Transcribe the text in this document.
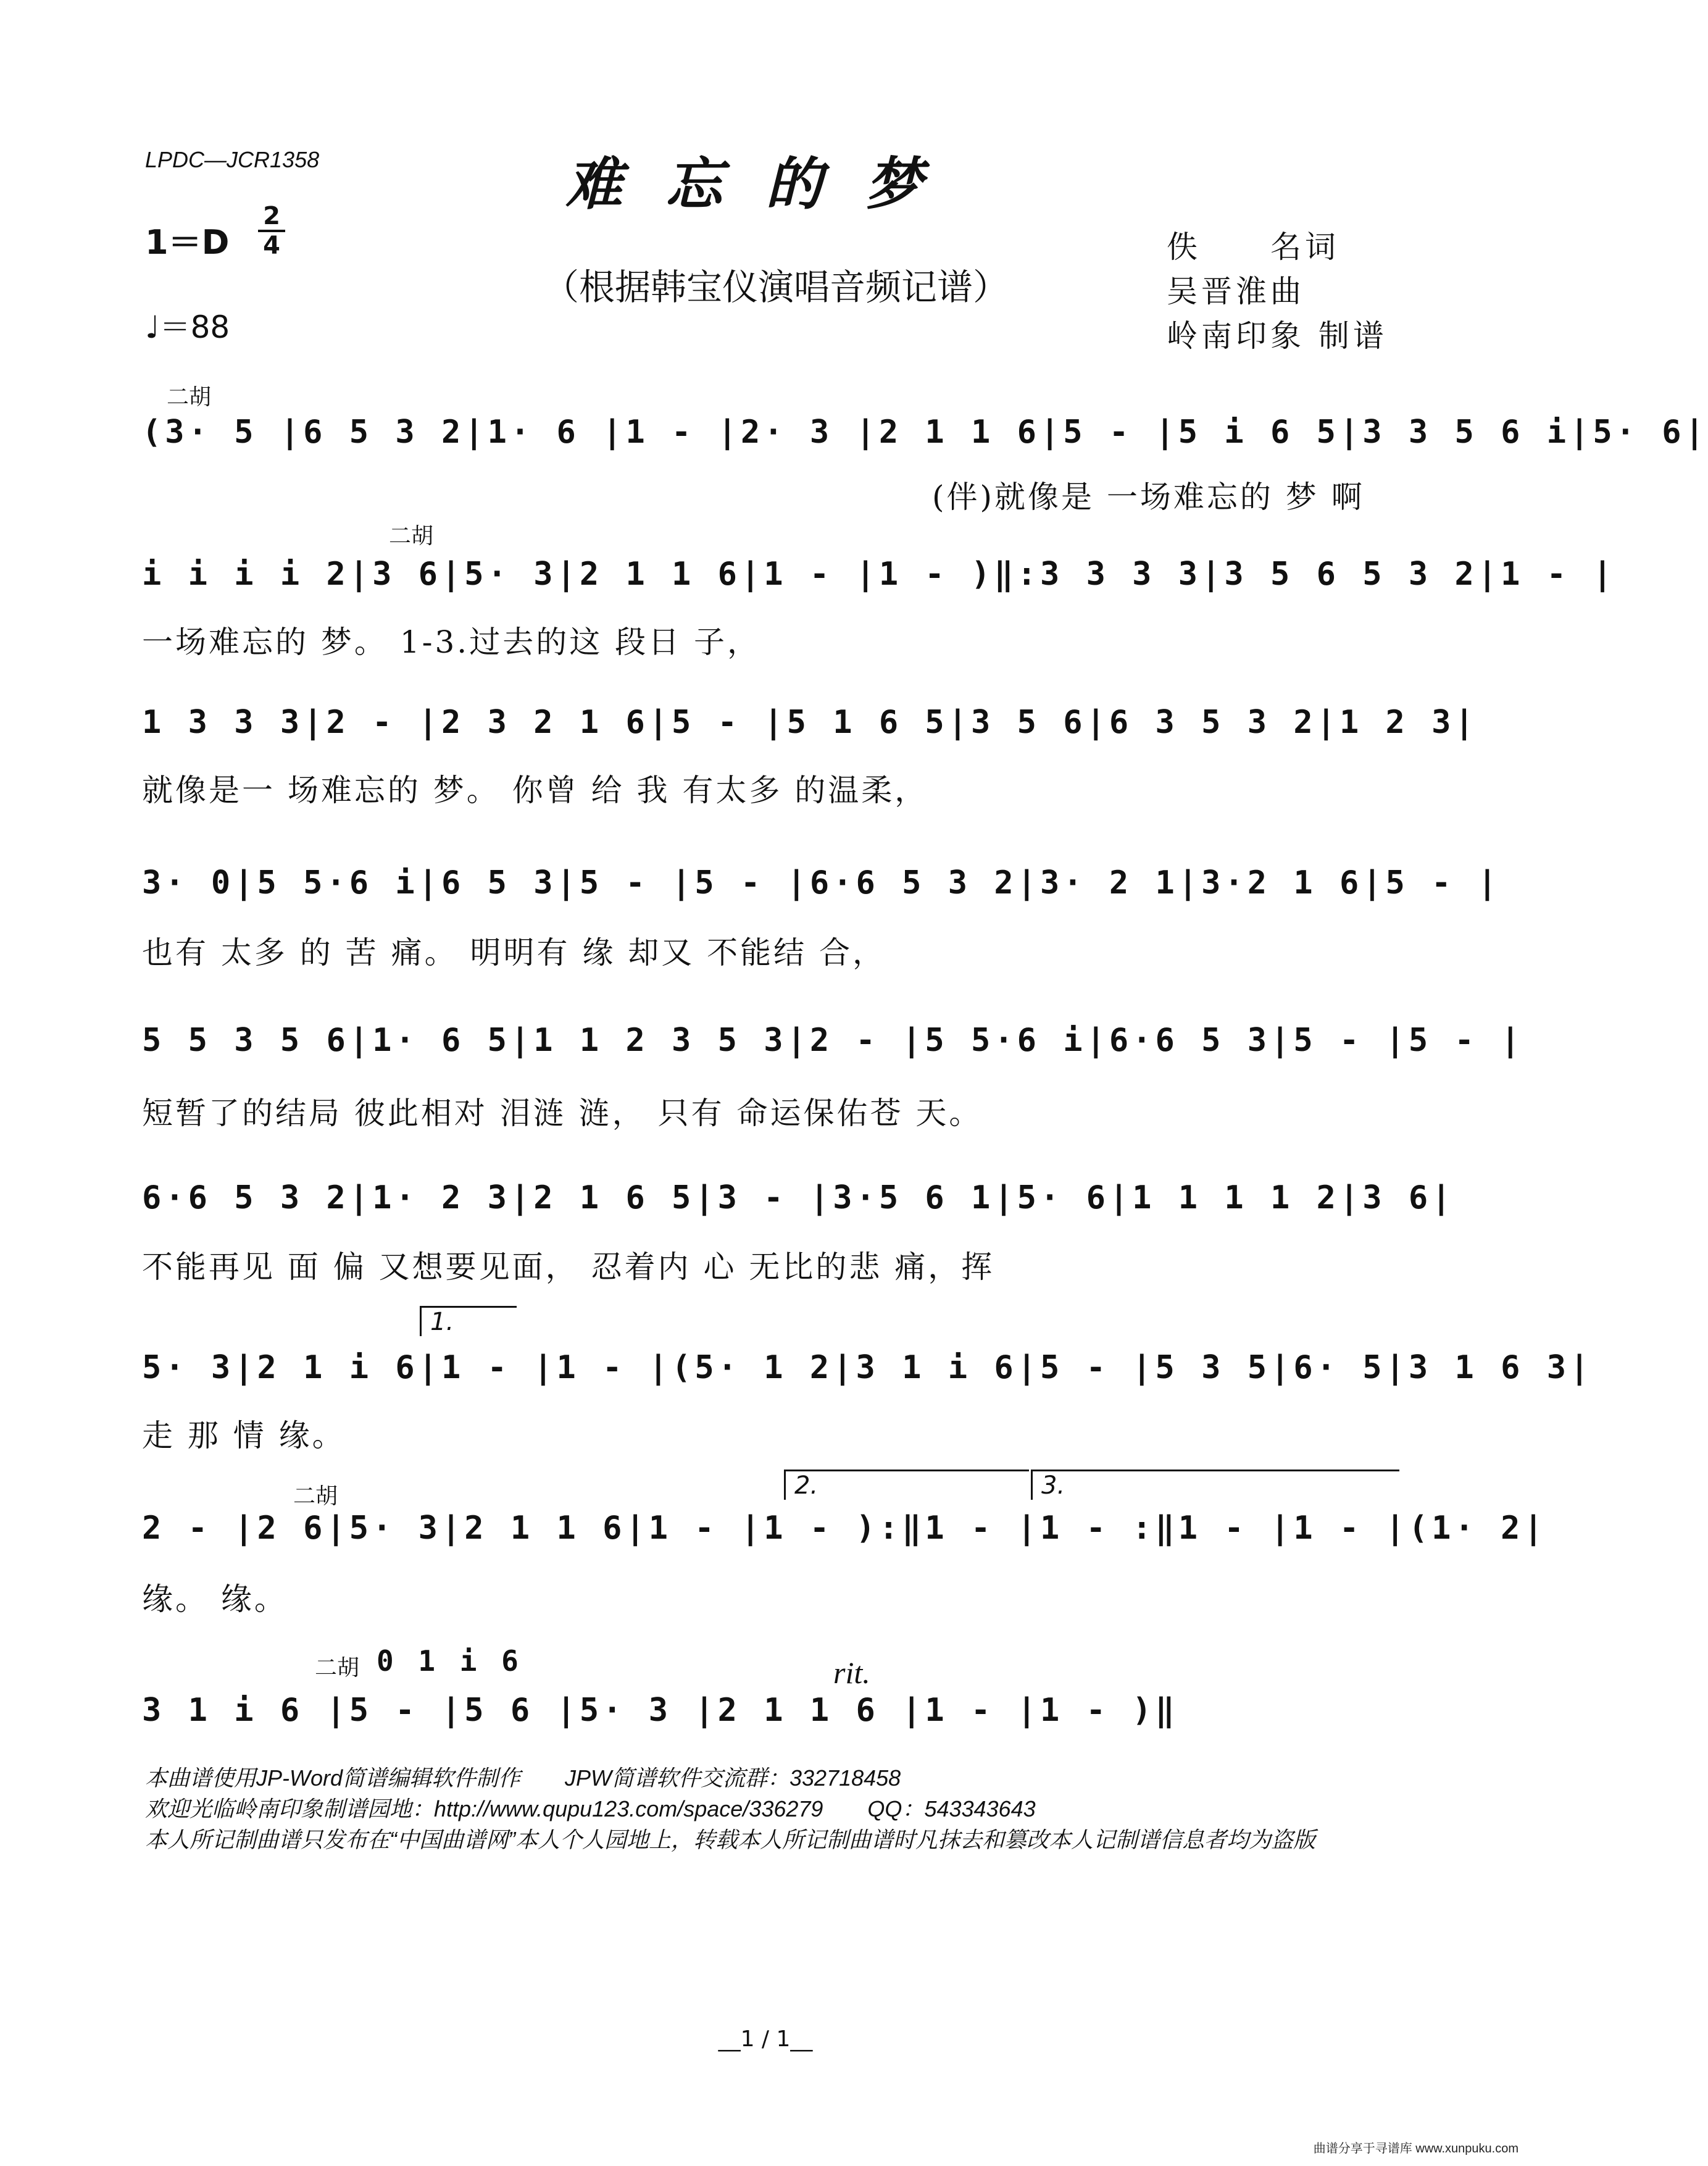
LPDC—JCR1358	难忘的梦
（根据韩宝仪演唱音频记谱）
1＝D
2
4
♩＝88
佚　　名词
吴晋淮曲
岭南印象 制谱
二胡
(3· 5 |6 5 3 2|1· 6 |1 - |2· 3 |2 1 1 6|5 - |5 i 6 5|3 3 5 6 i|5· 6|
(伴)就像是 一场难忘的 梦 啊
二胡
i i i i 2|3 6|5· 3|2 1 1 6|1 - |1 - )‖:3 3 3 3|3 5 6 5 3 2|1 - |
一场难忘的 梦。 1-3.过去的这 段日 子，
1 3 3 3|2 - |2 3 2 1 6|5 - |5 1 6 5|3 5 6|6 3 5 3 2|1 2 3|
就像是一 场难忘的 梦。 你曾 给 我 有太多 的温柔，
3· 0|5 5·6 i|6 5 3|5 - |5 - |6·6 5 3 2|3· 2 1|3·2 1 6|5 - |
也有 太多 的 苦 痛。 明明有 缘 却又 不能结 合，
5 5 3 5 6|1· 6 5|1 1 2 3 5 3|2 - |5 5·6 i|6·6 5 3|5 - |5 - |
短暂了的结局 彼此相对 泪涟 涟， 只有 命运保佑苍 天。
6·6 5 3 2|1· 2 3|2 1 6 5|3 - |3·5 6 1|5· 6|1 1 1 1 2|3 6|
不能再见 面 偏 又想要见面， 忍着内 心 无比的悲 痛，挥
1.
5· 3|2 1 i 6|1 - |1 - |(5· 1 2|3 1 i 6|5 - |5 3 5|6· 5|3 1 6 3|
走 那 情 缘。
二胡	2.	3.
2 - |2 6|5· 3|2 1 1 6|1 - |1 - ):‖1 - |1 - :‖1 - |1 - |(1· 2|
缘。 缘。
二胡 0 1 i 6	rit.
3 1 i 6 |5 - |5 6 |5· 3 |2 1 1 6 |1 - |1 - )‖
本曲谱使用JP-Word简谱编辑软件制作　　JPW简谱软件交流群：332718458
欢迎光临岭南印象制谱园地：http://www.qupu123.com/space/336279　　QQ：543343643
本人所记制曲谱只发布在“中国曲谱网”本人个人园地上，转载本人所记制曲谱时凡抹去和篡改本人记制谱信息者均为盗版
__1 / 1__
曲谱分享于寻谱库 www.xunpuku.com
